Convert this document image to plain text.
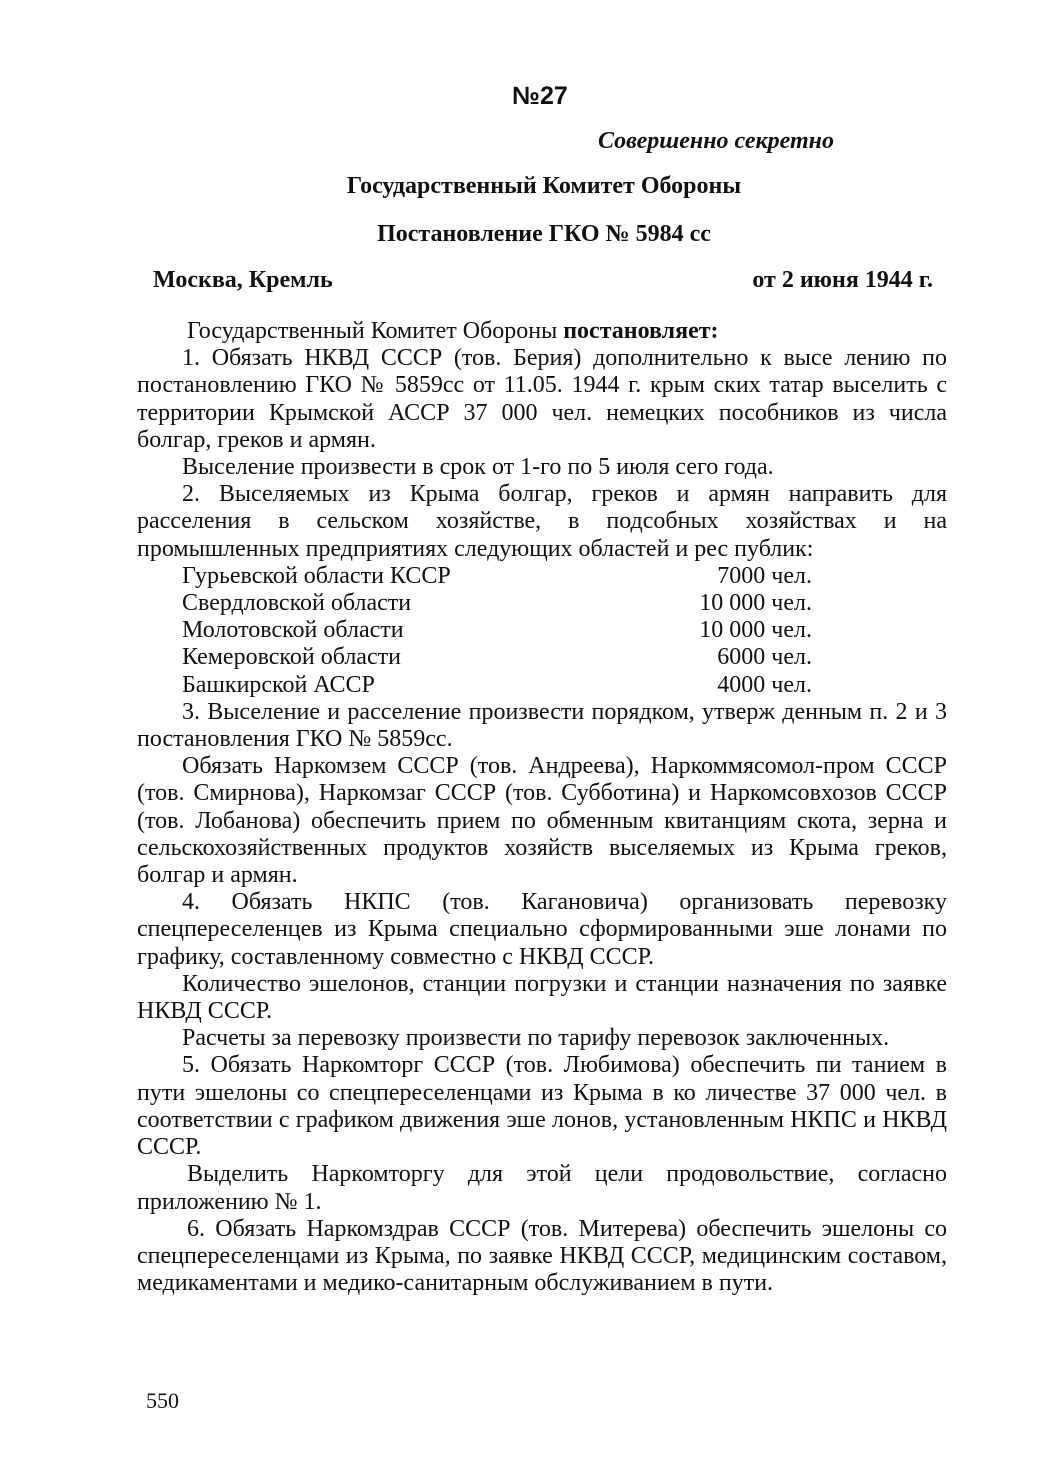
№27
Совершенно секретно
Государственный Комитет Обороны
Постановление ГКО № 5984 сс
Москва, Кремль	от 2 июня 1944 г.

Государственный Комитет Обороны постановляет:

1. Обязать НКВД СССР (тов. Берия) дополнительно к высе лению по постановлению ГКО № 5859сс от 11.05. 1944 г. крым ских татар выселить с территории Крымской АССР 37 000 чел. немецких пособников из числа болгар, греков и армян.

Выселение произвести в срок от 1-го по 5 июля сего года.

2. Выселяемых из Крыма болгар, греков и армян направить для расселения в сельском хозяйстве, в подсобных хозяйствах и на промышленных предприятиях следующих областей и рес публик:

Гурьевской области КССР	7000 чел.
Свердловской области	10 000 чел.
Молотовской области	10 000 чел.
Кемеровской области	6000 чел.
Башкирской АССР	4000 чел.

3. Выселение и расселение произвести порядком, утверж денным п. 2 и 3 постановления ГКО № 5859сс.

Обязать Наркомзем СССР (тов. Андреева), Наркоммясомол-пром СССР (тов. Смирнова), Наркомзаг СССР (тов. Субботина) и Наркомсовхозов СССР (тов. Лобанова) обеспечить прием по обменным квитанциям скота, зерна и сельскохозяйственных продуктов хозяйств выселяемых из Крыма греков, болгар и армян.

4. Обязать НКПС (тов. Кагановича) организовать перевозку спецпереселенцев из Крыма специально сформированными эше лонами по графику, составленному совместно с НКВД СССР.

Количество эшелонов, станции погрузки и станции назначения по заявке НКВД СССР.

Расчеты за перевозку произвести по тарифу перевозок заключенных.

5. Обязать Наркомторг СССР (тов. Любимова) обеспечить пи танием в пути эшелоны со спецпереселенцами из Крыма в ко личестве 37 000 чел. в соответствии с графиком движения эше лонов, установленным НКПС и НКВД СССР.

Выделить Наркомторгу для этой цели продовольствие, согласно приложению № 1.

6. Обязать Наркомздрав СССР (тов. Митерева) обеспечить эшелоны со спецпереселенцами из Крыма, по заявке НКВД СССР, медицинским составом, медикаментами и медико-санитарным обслуживанием в пути.

550
